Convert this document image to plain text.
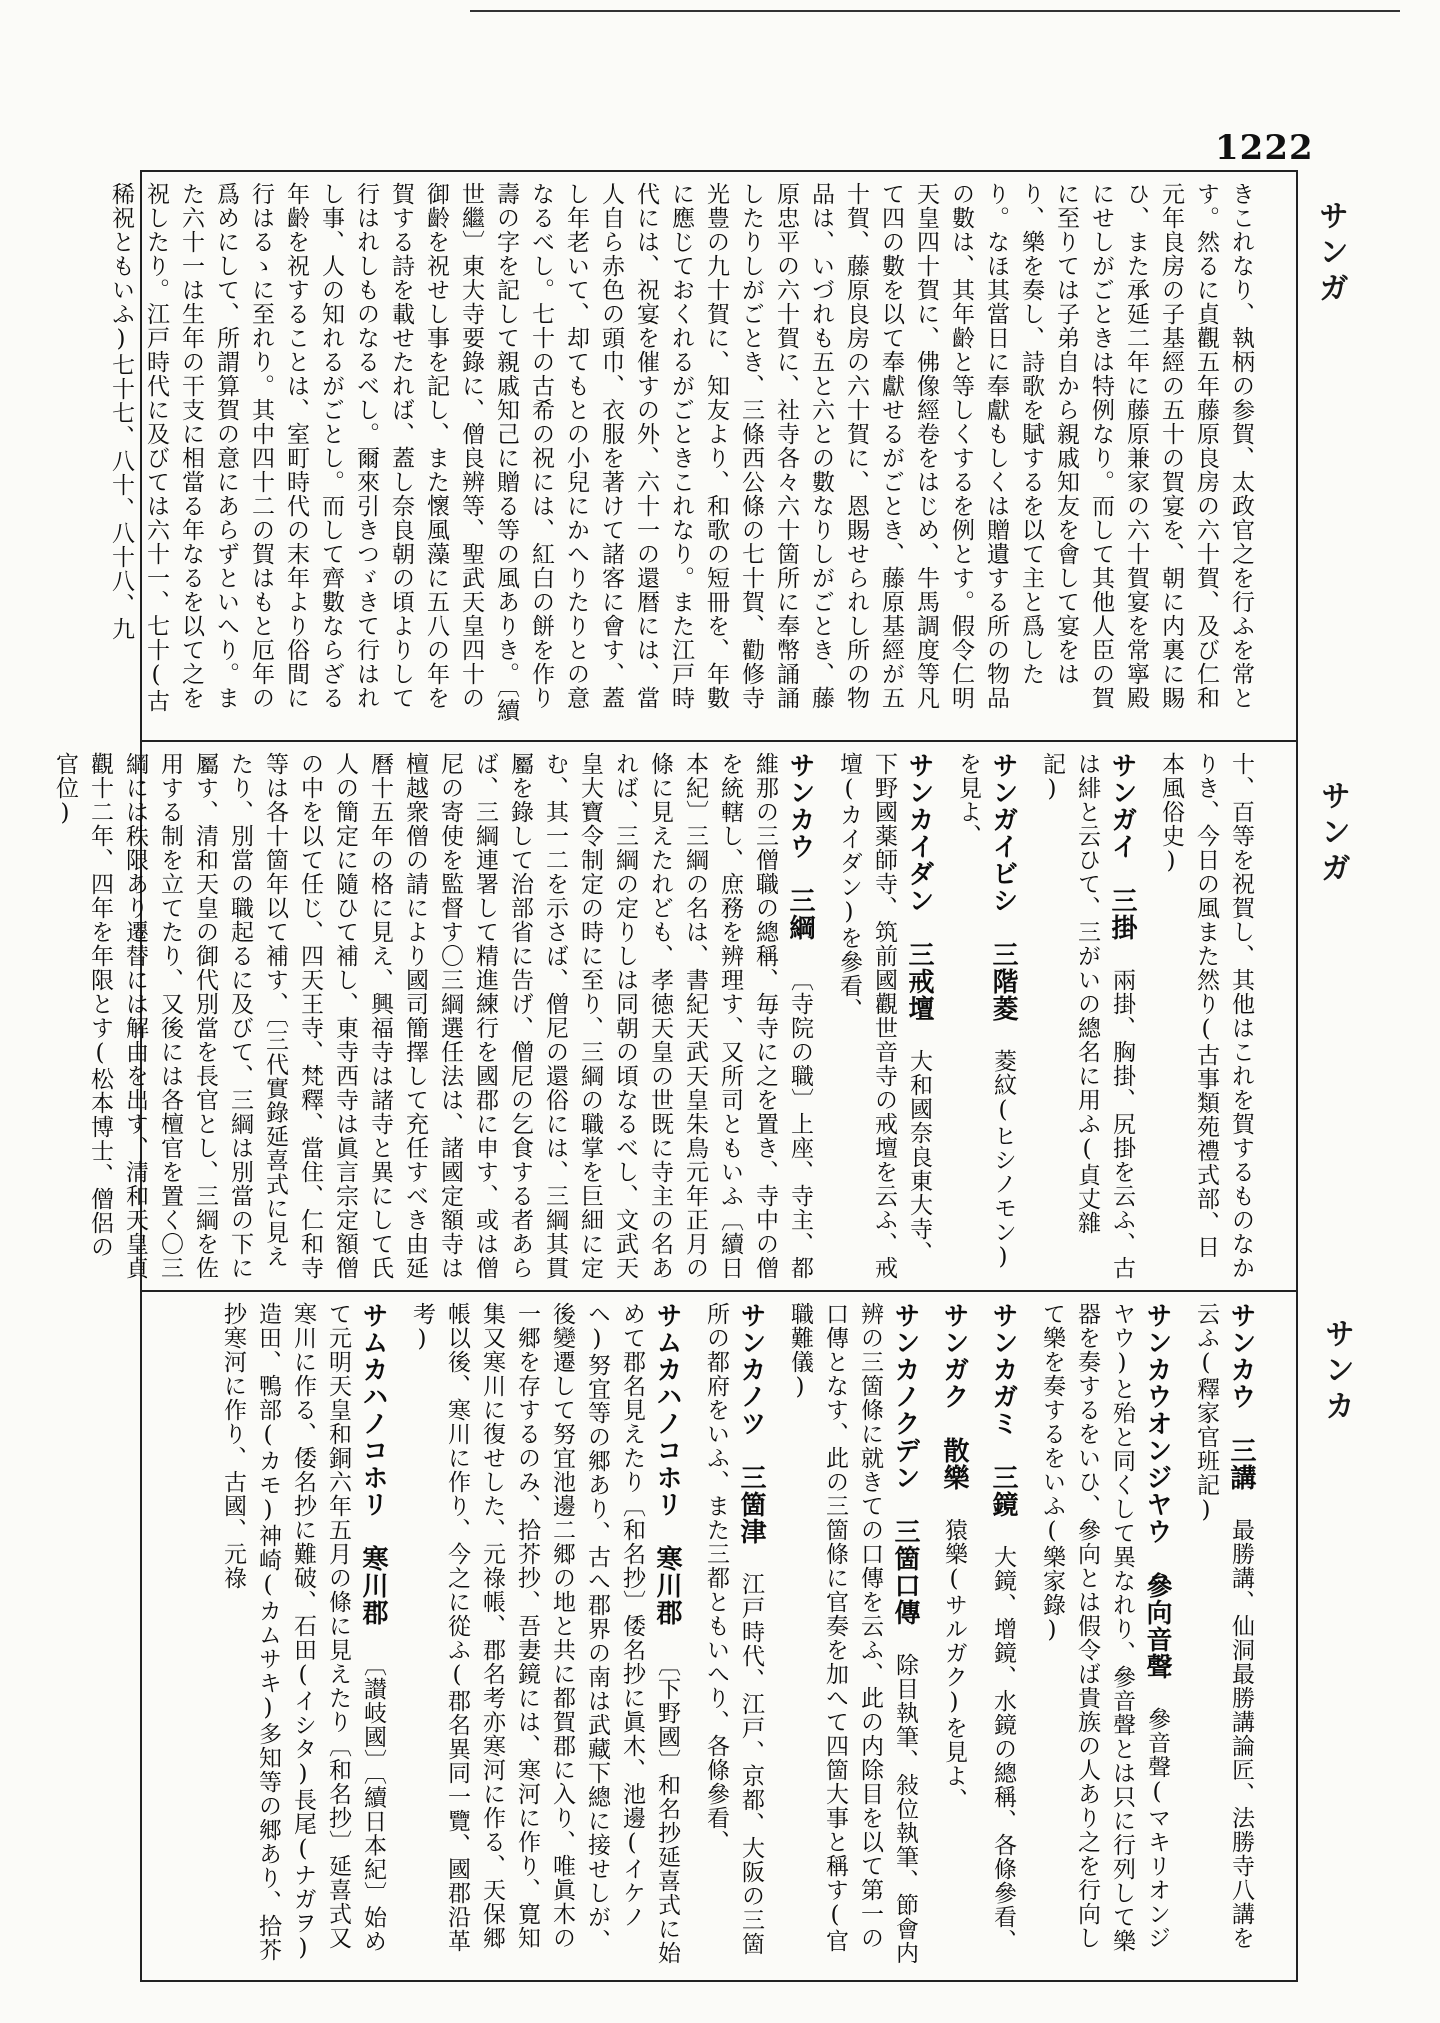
1222
サンガ
サンガ
サンカ
きこれなり、執柄の参賀、太政官之を行ふを常とす。然るに貞觀五年藤原良房の六十賀、及び仁和元年良房の子基經の五十の賀宴を、朝に内裏に賜ひ、また承延二年に藤原兼家の六十賀宴を常寧殿にせしがごときは特例なり。而して其他人臣の賀に至りては子弟自から親戚知友を會して宴をはり、樂を奏し、詩歌を賦するを以て主と爲したり。なほ其當日に奉獻もしくは贈遺する所の物品の數は、其年齡と等しくするを例とす。假令仁明天皇四十賀に、佛像經卷をはじめ、牛馬調度等凡て四の數を以て奉獻せるがごとき、藤原基經が五十賀、藤原良房の六十賀に、恩賜せられし所の物品は、いづれも五と六との數なりしがごとき、藤原忠平の六十賀に、社寺各々六十箇所に奉幣誦誦したりしがごとき、三條西公條の七十賀、勸修寺光豊の九十賀に、知友より、和歌の短冊を、年數に應じておくれるがごときこれなり。また江戸時代には、祝宴を催すの外、六十一の還暦には、當人自ら赤色の頭巾、衣服を著けて諸客に會す、蓋し年老いて、却てもとの小兒にかへりたりとの意なるべし。七十の古希の祝には、紅白の餅を作り壽の字を記して親戚知己に贈る等の風ありき。〔續世繼〕東大寺要錄に、僧良辨等、聖武天皇四十の御齡を祝せし事を記し、また懷風藻に五八の年を賀する詩を載せたれば、蓋し奈良朝の頃よりして行はれしものなるべし。爾來引きつゞきて行はれし事、人の知れるがごとし。而して齊數ならざる年齡を祝することは、室町時代の末年より俗間に行はるゝに至れり。其中四十二の賀はもと厄年の爲めにして、所謂算賀の意にあらずといへり。また六十一は生年の干支に相當る年なるを以て之を祝したり。江戸時代に及びては六十一、七十(古稀祝ともいふ)七十七、八十、八十八、九
十、百等を祝賀し、其他はこれを賀するものなかりき、今日の風また然り(古事類苑禮式部、日本風俗史)
サンガイ 三掛 兩掛、胸掛、尻掛を云ふ、古は緋と云ひて、三がいの總名に用ふ(貞丈雜記)
サンガイビシ 三階菱 菱紋(ヒシノモン)を見よ、
サンカイダン 三戒壇 大和國奈良東大寺、下野國薬師寺、筑前國觀世音寺の戒壇を云ふ、戒壇(カイダン)を參看、
サンカウ 三綱 〔寺院の職〕上座、寺主、都維那の三僧職の總稱、毎寺に之を置き、寺中の僧を統轄し、庶務を辨理す、又所司ともいふ〔續日本紀〕三綱の名は、書紀天武天皇朱鳥元年正月の條に見えたれども、孝徳天皇の世既に寺主の名あれば、三綱の定りしは同朝の頃なるべし、文武天皇大寶令制定の時に至り、三綱の職掌を巨細に定む、其一二を示さば、僧尼の還俗には、三綱其貫屬を錄して治部省に告げ、僧尼の乞食する者あらば、三綱連署して精進練行を國郡に申す、或は僧尼の寄使を監督す〇三綱選任法は、諸國定額寺は檀越衆僧の請により國司簡擇して充任すべき由延曆十五年の格に見え、興福寺は諸寺と異にして氏人の簡定に隨ひて補し、東寺西寺は眞言宗定額僧の中を以て任じ、四天王寺、梵釋、當住、仁和寺等は各十箇年以て補す、〔三代實錄延喜式に見えたり、別當の職起るに及びて、三綱は別當の下に屬す、清和天皇の御代別當を長官とし、三綱を佐用する制を立てたり、又後には各檀官を置く〇三綱には秩限あり遷替には解由を出す、清和天皇貞觀十二年、四年を年限とす(松本博士、僧侶の官位)
サンカウ 三講 最勝講、仙洞最勝講論匠、法勝寺八講を云ふ(釋家官班記)
サンカウオンジヤウ 參向音聲 參音聲(マキリオンジヤウ)と殆と同くして異なれり、參音聲とは只に行列して樂器を奏するをいひ、參向とは假令ば貴族の人あり之を行向して樂を奏するをいふ(樂家錄)
サンカガミ 三鏡 大鏡、增鏡、水鏡の總稱、各條參看、
サンガク 散樂 猿樂(サルガク)を見よ、
サンカノクデン 三箇口傳 除目執筆、敍位執筆、節會内辨の三箇條に就きての口傳を云ふ、此の内除目を以て第一の口傳となす、此の三箇條に官奏を加へて四箇大事と稱す(官職難儀)
サンカノツ 三箇津 江戸時代、江戸、京都、大阪の三箇所の都府をいふ、また三都ともいへり、各條參看、
サムカハノコホリ 寒川郡 〔下野國〕和名抄延喜式に始めて郡名見えたり〔和名抄〕倭名抄に眞木、池邊(イケノヘ)努宜等の郷あり、古へ郡界の南は武藏下總に接せしが、後變遷して努宜池邊二郷の地と共に都賀郡に入り、唯眞木の一郷を存するのみ、拾芥抄、吾妻鏡には、寒河に作り、寛知集又寒川に復せした、元祿帳、郡名考亦寒河に作る、天保郷帳以後、寒川に作り、今之に從ふ(郡名異同一覽、國郡沿革考)
サムカハノコホリ 寒川郡 〔讃岐國〕〔續日本紀〕始めて元明天皇和銅六年五月の條に見えたり〔和名抄〕延喜式又寒川に作る、倭名抄に難破、石田(イシタ)長尾(ナガヲ)造田、鴨部(カモ)神崎(カムサキ)多知等の郷あり、拾芥抄寒河に作り、古國、元祿
